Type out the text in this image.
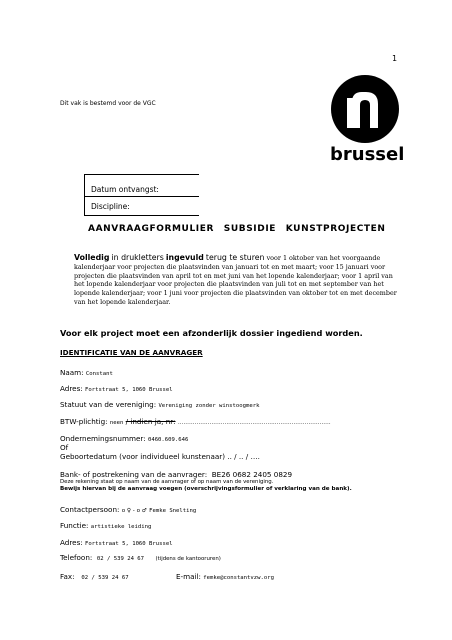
1
Dit vak is bestemd voor de VGC
brussel
Datum ontvangst:
Discipline:
AANVRAAGFORMULIER SUBSIDIE KUNSTPROJECTEN
Volledig in drukletters ingevuld terug te sturen voor 1 oktober van het voorgaande kalenderjaar voor projecten die plaatsvinden van januari tot en met maart; voor 15 januari voor projecten die plaatsvinden van april tot en met juni van het lopende kalenderjaar; voor 1 april van het lopende kalenderjaar voor projecten die plaatsvinden van juli tot en met september van het lopende kalenderjaar; voor 1 juni voor projecten die plaatsvinden van oktober tot en met december van het lopende kalenderjaar.
Voor elk project moet een afzonderlijk dossier ingediend worden.
IDENTIFICATIE VAN DE AANVRAGER
Naam: Constant
Adres: Fortstraat 5, 1060 Brussel
Statuut van de vereniging: Vereniging zonder winstoogmerk
BTW-plichtig: neen / indien ja, nr: ……………………………………………………………………….
Ondernemingsnummer: 0460.609.646
Of
Geboortedatum (voor individueel kunstenaar) .. / .. / ….
Bank- of postrekening van de aanvrager: BE26 0682 2405 0829
Deze rekening staat op naam van de aanvrager of op naam van de vereniging.
Bewijs hiervan bij de aanvraag voegen (overschrijvingsformulier of verklaring van de bank).
Contactpersoon: o ♀ - o ♂ Femke Snelting
Functie: artistieke leiding
Adres: Fortstraat 5, 1060 Brussel
Telefoon: 02 / 539 24 67 (tijdens de kantooruren)
Fax: 02 / 539 24 67	E-mail: femke@constantvzw.org
